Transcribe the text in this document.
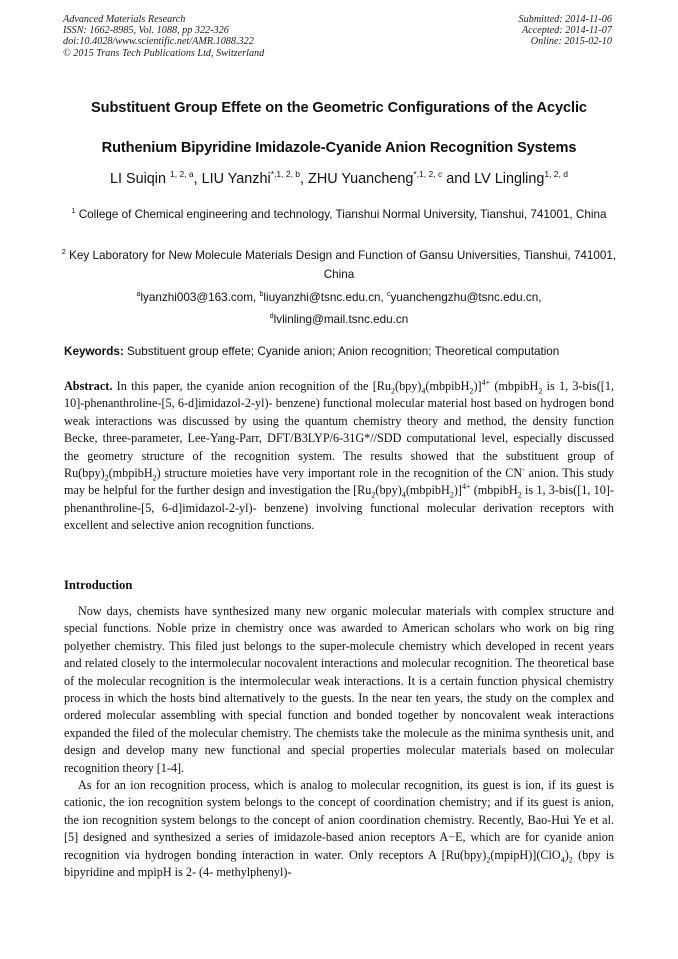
Advanced Materials Research
ISSN: 1662-8985, Vol. 1088, pp 322-326
doi:10.4028/www.scientific.net/AMR.1088.322
© 2015 Trans Tech Publications Ltd, Switzerland
Submitted: 2014-11-06
Accepted: 2014-11-07
Online: 2015-02-10
Substituent Group Effete on the Geometric Configurations of the Acyclic
Ruthenium Bipyridine Imidazole-Cyanide Anion Recognition Systems
LI Suiqin $^{1, 2, a}$, LIU Yanzhi$^{*,1, 2, b}$, ZHU Yuancheng$^{*,1, 2, c}$ and LV Lingling$^{1, 2, d}$
$^1$ College of Chemical engineering and technology, Tianshui Normal University, Tianshui, 741001, China
$^2$ Key Laboratory for New Molecule Materials Design and Function of Gansu Universities, Tianshui, 741001, China
$^a$lyanzhi003@163.com, $^b$liuyanzhi@tsnc.edu.cn, $^c$yuanchengzhu@tsnc.edu.cn,
$^d$lvlinling@mail.tsnc.edu.cn
Keywords: Substituent group effete; Cyanide anion; Anion recognition; Theoretical computation
Abstract. In this paper, the cyanide anion recognition of the $[Ru_2(bpy)_4(mbpibH_2)]^{4+}$ (mbpibH$_2$ is 1, 3-bis([1, 10]-phenanthroline-[5, 6-d]imidazol-2-yl)- benzene) functional molecular material host based on hydrogen bond weak interactions was discussed by using the quantum chemistry theory and method, the density function Becke, three-parameter, Lee-Yang-Parr, DFT/B3LYP/6-31G*//SDD computational level, especially discussed the geometry structure of the recognition system. The results showed that the substituent group of $Ru(bpy)_2(mbpibH_2)$ structure moieties have very important role in the recognition of the CN- anion. This study may be helpful for the further design and investigation the $[Ru_2(bpy)_4(mbpibH_2)]^{4+}$ (mbpibH$_2$ is 1, 3-bis([1, 10]-phenanthroline-[5, 6-d]imidazol-2-yl)- benzene) involving functional molecular derivation receptors with excellent and selective anion recognition functions.
Introduction

Now days, chemists have synthesized many new organic molecular materials with complex structure and special functions. Noble prize in chemistry once was awarded to American scholars who work on big ring polyether chemistry. This filed just belongs to the super-molecule chemistry which developed in recent years and related closely to the intermolecular nocovalent interactions and molecular recognition. The theoretical base of the molecular recognition is the intermolecular weak interactions. It is a certain function physical chemistry process in which the hosts bind alternatively to the guests. In the near ten years, the study on the complex and ordered molecular assembling with special function and bonded together by noncovalent weak interactions expanded the filed of the molecular chemistry. The chemists take the molecule as the minima synthesis unit, and design and develop many new functional and special properties molecular materials based on molecular recognition theory [1-4].

As for an ion recognition process, which is analog to molecular recognition, its guest is ion, if its guest is cationic, the ion recognition system belongs to the concept of coordination chemistry; and if its guest is anion, the ion recognition system belongs to the concept of anion coordination chemistry. Recently, Bao-Hui Ye et al. [5] designed and synthesized a series of imidazole-based anion receptors A−E, which are for cyanide anion recognition via hydrogen bonding interaction in water. Only receptors A $[Ru(bpy)_2(mpipH)](ClO_4)_2$ (bpy is bipyridine and mpipH is 2- (4- methylphenyl)-
